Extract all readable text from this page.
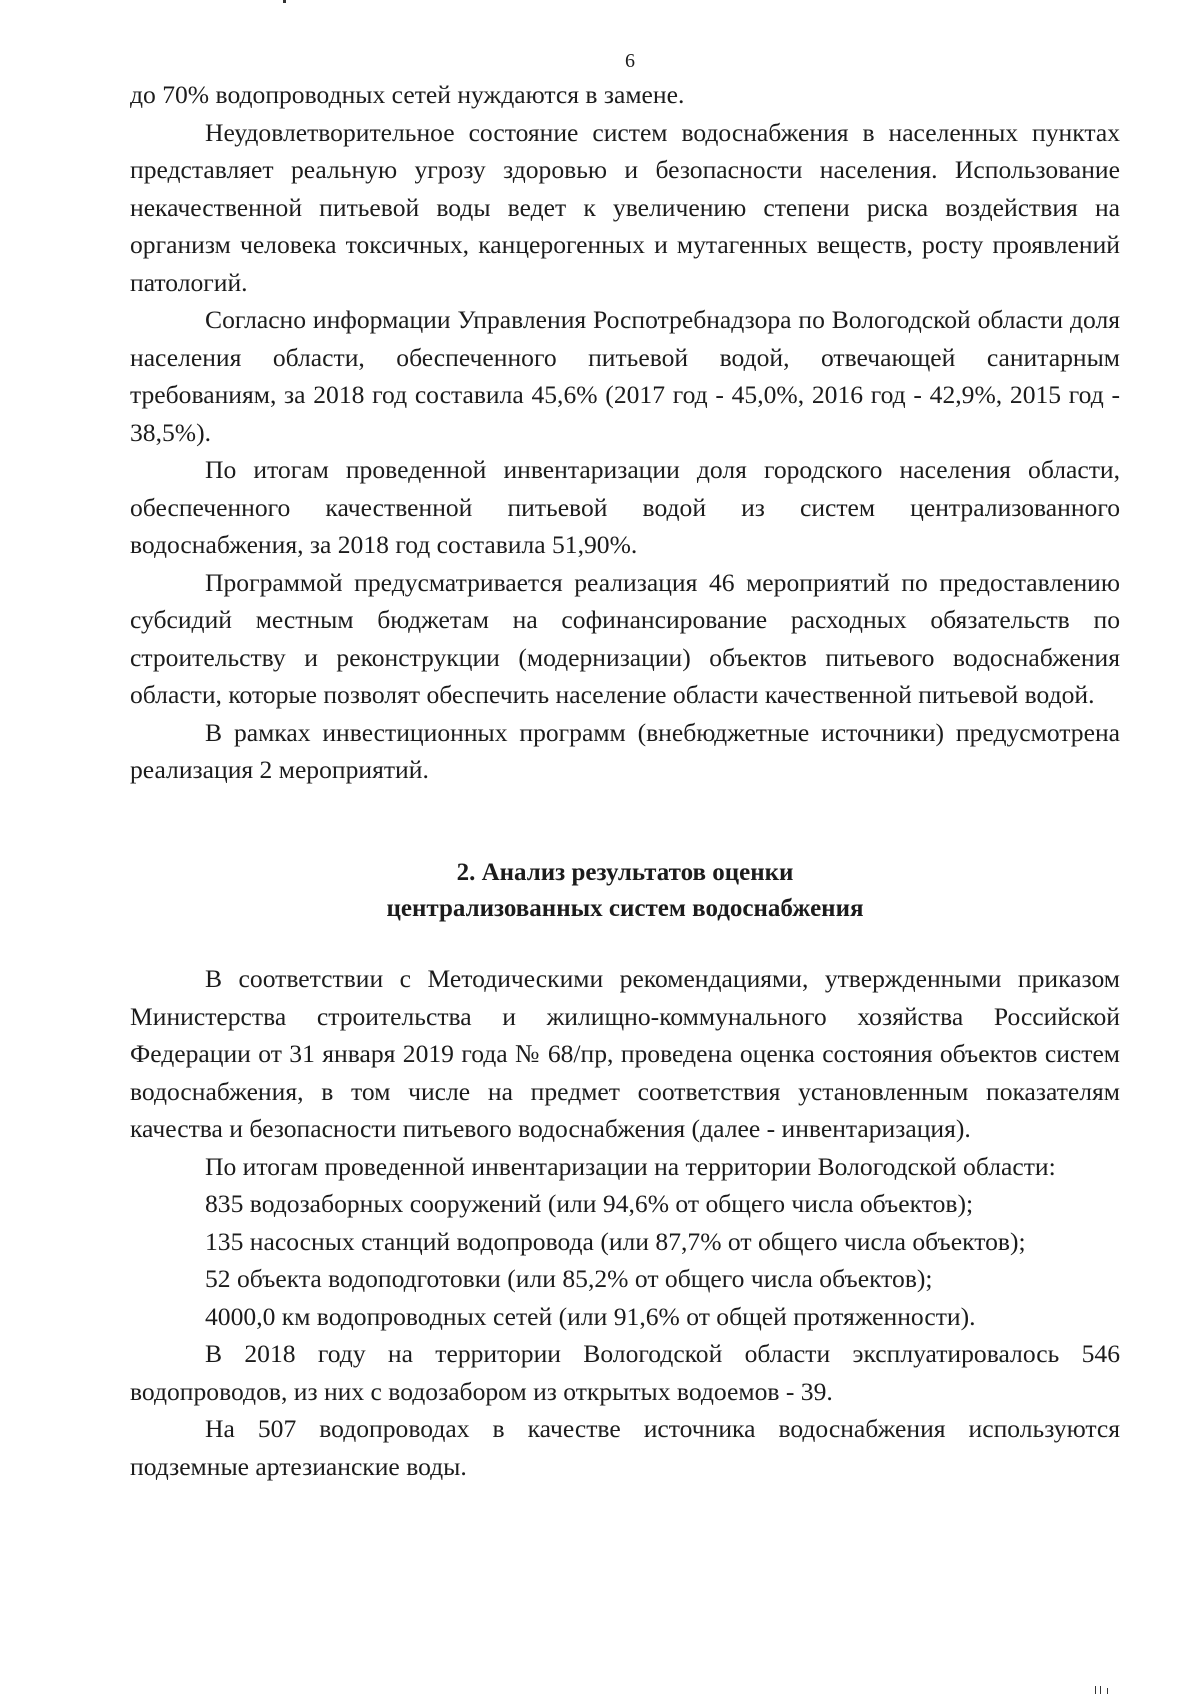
6

до 70% водопроводных сетей нуждаются в замене.

Неудовлетворительное состояние систем водоснабжения в населенных пунктах представляет реальную угрозу здоровью и безопасности населения. Использование некачественной питьевой воды ведет к увеличению степени риска воздействия на организм человека токсичных, канцерогенных и мутагенных веществ, росту проявлений патологий.

Согласно информации Управления Роспотребнадзора по Вологодской области доля населения области, обеспеченного питьевой водой, отвечающей санитарным требованиям, за 2018 год составила 45,6% (2017 год - 45,0%, 2016 год - 42,9%, 2015 год - 38,5%).

По итогам проведенной инвентаризации доля городского населения области, обеспеченного качественной питьевой водой из систем централизованного водоснабжения, за 2018 год составила 51,90%.

Программой предусматривается реализация 46 мероприятий по предоставлению субсидий местным бюджетам на софинансирование расходных обязательств по строительству и реконструкции (модернизации) объектов питьевого водоснабжения области, которые позволят обеспечить население области качественной питьевой водой.

В рамках инвестиционных программ (внебюджетные источники) предусмотрена реализация 2 мероприятий.

2. Анализ результатов оценки
централизованных систем водоснабжения

В соответствии с Методическими рекомендациями, утвержденными приказом Министерства строительства и жилищно-коммунального хозяйства Российской Федерации от 31 января 2019 года № 68/пр, проведена оценка состояния объектов систем водоснабжения, в том числе на предмет соответствия установленным показателям качества и безопасности питьевого водоснабжения (далее - инвентаризация).

По итогам проведенной инвентаризации на территории Вологодской области:

835 водозаборных сооружений (или 94,6% от общего числа объектов);

135 насосных станций водопровода (или 87,7% от общего числа объектов);

52 объекта водоподготовки (или 85,2% от общего числа объектов);

4000,0 км водопроводных сетей (или 91,6% от общей протяженности).

В 2018 году на территории Вологодской области эксплуатировалось 546 водопроводов, из них с водозабором из открытых водоемов - 39.

На 507 водопроводах в качестве источника водоснабжения используются подземные артезианские воды.
